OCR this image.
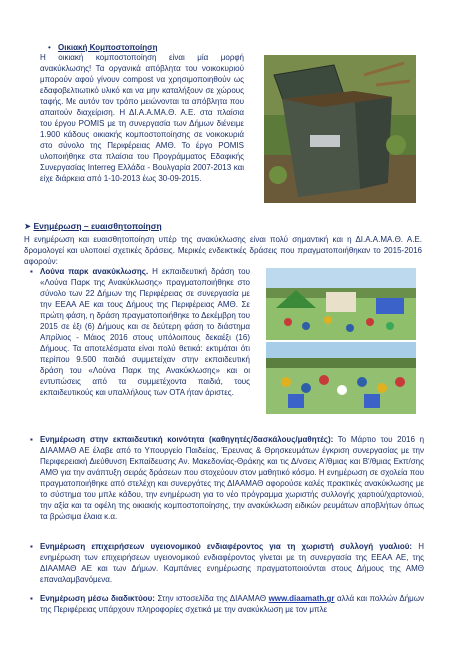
• Οικιακή Κομποστοποίηση

Η οικιακή κομποστοποίηση είναι μία μορφή ανακύκλωσης! Τα οργανικά απόβλητα του νοικοκυριού μπορούν αφού γίνουν compost να χρησιμοποιηθούν ως εδαφοβελτιωτικό υλικό και να μην καταλήξουν σε χώρους ταφής. Με αυτόν τον τρόπο μειώνονται τα απόβλητα που απαιτούν διαχείριση. Η ΔΙ.Α.Α.ΜΑ.Θ. Α.Ε. στα πλαίσια του έργου POMIS με τη συνεργασία των Δήμων διένειμε 1.900 κάδους οικιακής κομποστοποίησης σε νοικοκυριά στο σύνολο της Περιφέρειας ΑΜΘ. Το έργο POMIS υλοποιήθηκε στα πλαίσια του Προγράμματος Εδαφικής Συνεργασίας Interreg Ελλάδα - Βουλγαρία 2007-2013 και είχε διάρκεια από 1-10-2013 έως 30-09-2015.

➤ Ενημέρωση – ευαισθητοποίηση

Η ενημέρωση και ευαισθητοποίηση υπέρ της ανακύκλωσης είναι πολύ σημαντική και η ΔΙ.Α.Α.ΜΑ.Θ. Α.Ε. δρομολογεί και υλοποιεί σχετικές δράσεις. Μερικές ενδεικτικές δράσεις που πραγματοποιήθηκαν το 2015-2016 αφορούν:

▪ Λούνα παρκ ανακύκλωσης. Η εκπαιδευτική δράση του «Λούνα Παρκ της Ανακύκλωσης» πραγματοποιήθηκε στο σύνολο των 22 Δήμων της Περιφέρειας σε συνεργασία με την ΕΕΑΑ ΑΕ και τους Δήμους της Περιφέρειας ΑΜΘ. Σε πρώτη φάση, η δράση πραγματοποιήθηκε το Δεκέμβρη του 2015 σε έξι (6) Δήμους και σε δεύτερη φάση το διάστημα Απρίλιος - Μάιος 2016 στους υπόλοιπους δεκαέξι (16) Δήμους. Τα αποτελέσματα είναι πολύ θετικά: εκτιμάται ότι περίπου 9.500 παιδιά συμμετείχαν στην εκπαιδευτική δράση του «Λούνα Παρκ της Ανακύκλωσης» και οι εντυπώσεις από τα συμμετέχοντα παιδιά, τους εκπαιδευτικούς και υπαλλήλους των ΟΤΑ ήταν άριστες.

▪ Ενημέρωση στην εκπαιδευτική κοινότητα (καθηγητές/δασκάλους/μαθητές): Το Μάρτιο του 2016 η ΔΙΑΑΜΑΘ ΑΕ έλαβε από το Υπουργείο Παιδείας, Έρευνας & Θρησκευμάτων έγκριση συνεργασίας με την Περιφερειακή Διεύθυνση Εκπαίδευσης Αν. Μακεδονίας-Θράκης και τις Δ/νσεις Α'/θμιας και Β'/θμιας Εκπ/σης ΑΜΘ για την ανάπτυξη σειράς δράσεων που στοχεύουν στον μαθητικό κόσμο. Η ενημέρωση σε σχολεία που πραγματοποιήθηκε από στελέχη και συνεργάτες της ΔΙΑΑΜΑΘ αφορούσε καλές πρακτικές ανακύκλωσης με το σύστημα του μπλε κάδου, την ενημέρωση για το νέο πρόγραμμα χωριστής συλλογής χαρτιού/χαρτονιού, την αξία και τα οφέλη της οικιακής κομποστοποίησης, την ανακύκλωση ειδικών ρευμάτων αποβλήτων όπως τα βρώσιμα έλαια κ.α.

▪ Ενημέρωση επιχειρήσεων υγειονομικού ενδιαφέροντος για τη χωριστή συλλογή γυαλιού: Η ενημέρωση των επιχειρήσεων υγειονομικού ενδιαφέροντος γίνεται με τη συνεργασία της ΕΕΑΑ ΑΕ, της ΔΙΑΑΜΑΘ ΑΕ και των Δήμων. Καμπάνιες ενημέρωσης πραγματοποιούνται στους Δήμους της ΑΜΘ επαναλαμβανόμενα.

▪ Ενημέρωση μέσω διαδικτύου: Στην ιστοσελίδα της ΔΙΑΑΜΑΘ www.diaamath.gr αλλά και πολλών Δήμων της Περιφέρειας υπάρχουν πληροφορίες σχετικά με την ανακύκλωση με τον μπλε
